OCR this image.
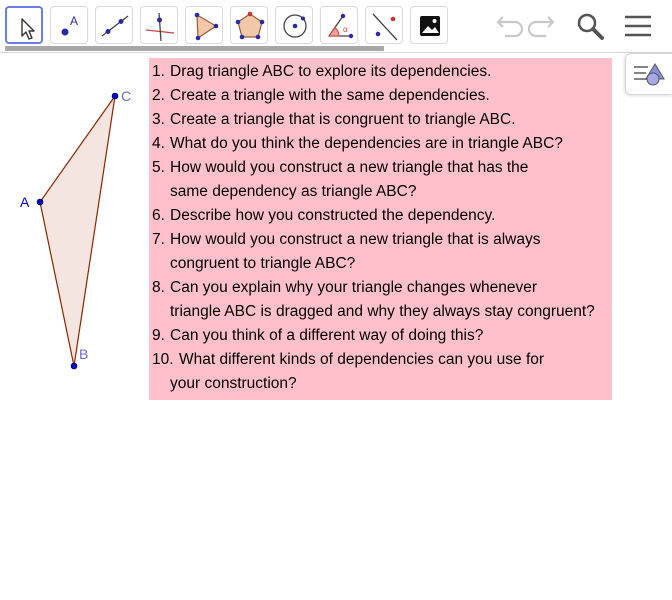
A
α
A
B
C
1. Drag triangle ABC to explore its dependencies.
2. Create a triangle with the same dependencies.
3. Create a triangle that is congruent to triangle ABC.
4. What do you think the dependencies are in triangle ABC?
5. How would you construct a new triangle that has the
same dependency as triangle ABC?
6. Describe how you constructed the dependency.
7. How would you construct a new triangle that is always
congruent to triangle ABC?
8. Can you explain why your triangle changes whenever
triangle ABC is dragged and why they always stay congruent?
9. Can you think of a different way of doing this?
10. What different kinds of dependencies can you use for
your construction?
